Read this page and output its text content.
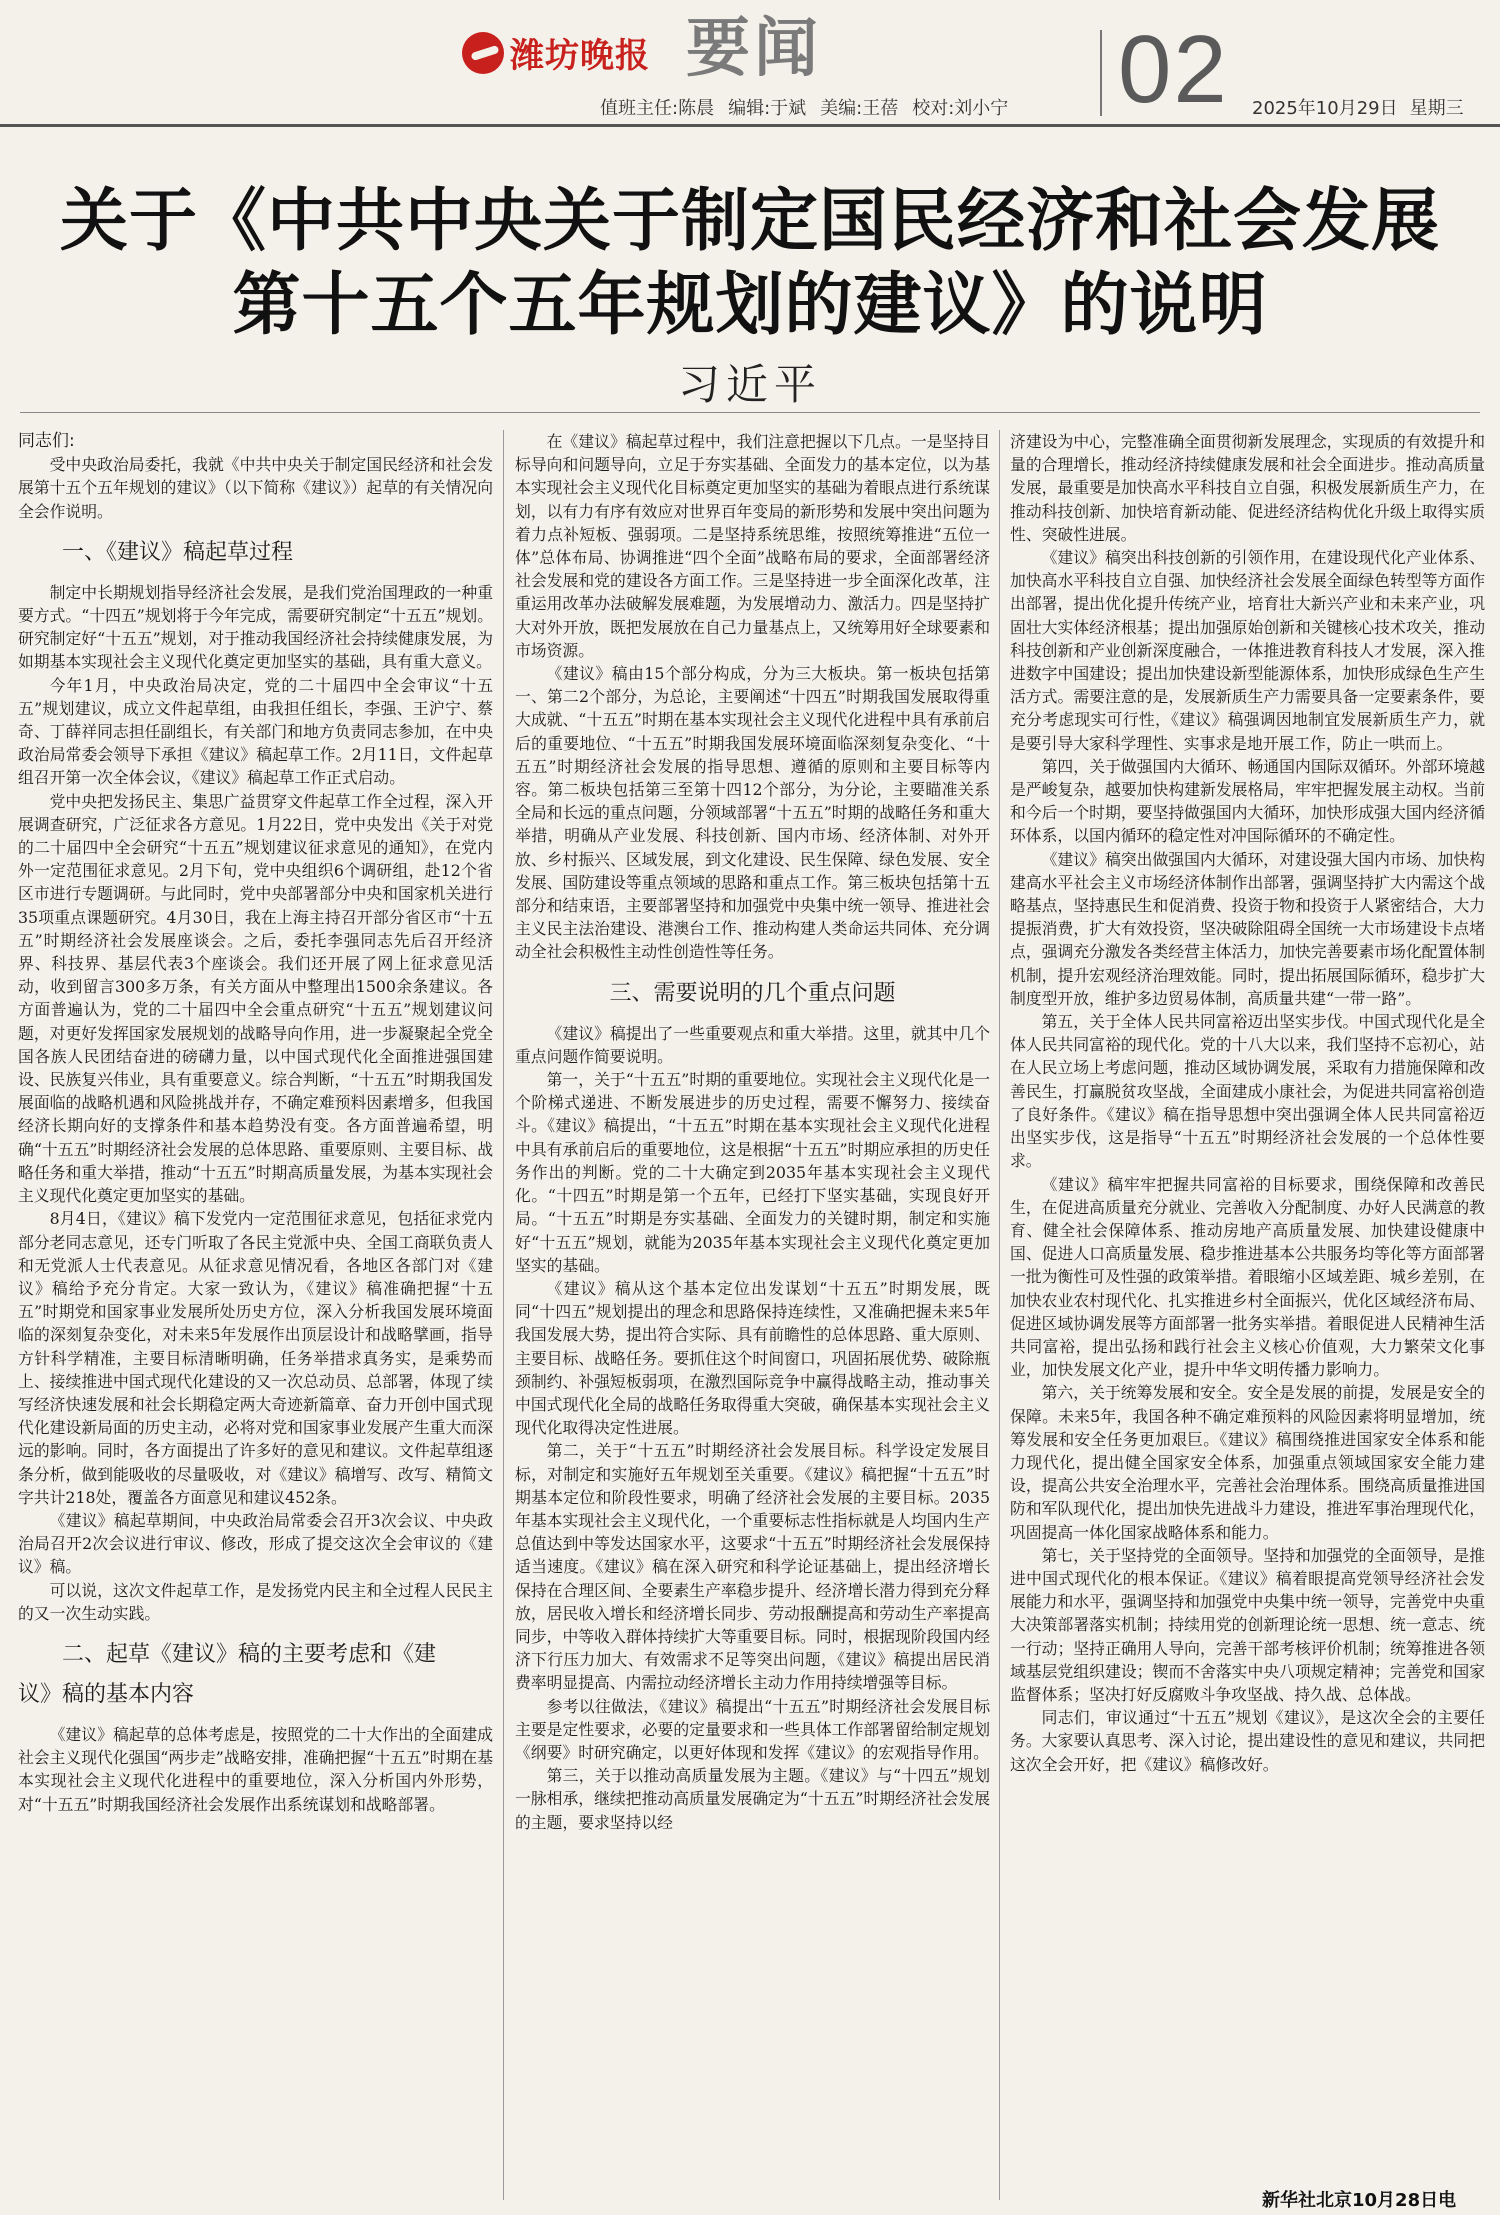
潍坊晚报 要闻	02
值班主任:陈晨 编辑:于斌 美编:王蓓 校对:刘小宁	2025年10月29日 星期三
关于《中共中央关于制定国民经济和社会发展
第十五个五年规划的建议》的说明
习近平

同志们:

受中央政治局委托，我就《中共中央关于制定国民经济和社会发展第十五个五年规划的建议》（以下简称《建议》）起草的有关情况向全会作说明。

一、《建议》稿起草过程

制定中长期规划指导经济社会发展，是我们党治国理政的一种重要方式。“十四五”规划将于今年完成，需要研究制定“十五五”规划。研究制定好“十五五”规划，对于推动我国经济社会持续健康发展，为如期基本实现社会主义现代化奠定更加坚实的基础，具有重大意义。

今年1月，中央政治局决定，党的二十届四中全会审议“十五五”规划建议，成立文件起草组，由我担任组长，李强、王沪宁、蔡奇、丁薛祥同志担任副组长，有关部门和地方负责同志参加，在中央政治局常委会领导下承担《建议》稿起草工作。2月11日，文件起草组召开第一次全体会议，《建议》稿起草工作正式启动。

党中央把发扬民主、集思广益贯穿文件起草工作全过程，深入开展调查研究，广泛征求各方意见。1月22日，党中央发出《关于对党的二十届四中全会研究“十五五”规划建议征求意见的通知》，在党内外一定范围征求意见。2月下旬，党中央组织6个调研组，赴12个省区市进行专题调研。与此同时，党中央部署部分中央和国家机关进行35项重点课题研究。4月30日，我在上海主持召开部分省区市“十五五”时期经济社会发展座谈会。之后，委托李强同志先后召开经济界、科技界、基层代表3个座谈会。我们还开展了网上征求意见活动，收到留言300多万条，有关方面从中整理出1500余条建议。各方面普遍认为，党的二十届四中全会重点研究“十五五”规划建议问题，对更好发挥国家发展规划的战略导向作用，进一步凝聚起全党全国各族人民团结奋进的磅礴力量，以中国式现代化全面推进强国建设、民族复兴伟业，具有重要意义。综合判断，“十五五”时期我国发展面临的战略机遇和风险挑战并存，不确定难预料因素增多，但我国经济长期向好的支撑条件和基本趋势没有变。各方面普遍希望，明确“十五五”时期经济社会发展的总体思路、重要原则、主要目标、战略任务和重大举措，推动“十五五”时期高质量发展，为基本实现社会主义现代化奠定更加坚实的基础。

8月4日，《建议》稿下发党内一定范围征求意见，包括征求党内部分老同志意见，还专门听取了各民主党派中央、全国工商联负责人和无党派人士代表意见。从征求意见情况看，各地区各部门对《建议》稿给予充分肯定。大家一致认为，《建议》稿准确把握“十五五”时期党和国家事业发展所处历史方位，深入分析我国发展环境面临的深刻复杂变化，对未来5年发展作出顶层设计和战略擘画，指导方针科学精准，主要目标清晰明确，任务举措求真务实，是乘势而上、接续推进中国式现代化建设的又一次总动员、总部署，体现了续写经济快速发展和社会长期稳定两大奇迹新篇章、奋力开创中国式现代化建设新局面的历史主动，必将对党和国家事业发展产生重大而深远的影响。同时，各方面提出了许多好的意见和建议。文件起草组逐条分析，做到能吸收的尽量吸收，对《建议》稿增写、改写、精简文字共计218处，覆盖各方面意见和建议452条。

《建议》稿起草期间，中央政治局常委会召开3次会议、中央政治局召开2次会议进行审议、修改，形成了提交这次全会审议的《建议》稿。

可以说，这次文件起草工作，是发扬党内民主和全过程人民民主的又一次生动实践。

二、起草《建议》稿的主要考虑和《建
议》稿的基本内容

《建议》稿起草的总体考虑是，按照党的二十大作出的全面建成社会主义现代化强国“两步走”战略安排，准确把握“十五五”时期在基本实现社会主义现代化进程中的重要地位，深入分析国内外形势，对“十五五”时期我国经济社会发展作出系统谋划和战略部署。

在《建议》稿起草过程中，我们注意把握以下几点。一是坚持目标导向和问题导向，立足于夯实基础、全面发力的基本定位，以为基本实现社会主义现代化目标奠定更加坚实的基础为着眼点进行系统谋划，以有力有序有效应对世界百年变局的新形势和发展中突出问题为着力点补短板、强弱项。二是坚持系统思维，按照统筹推进“五位一体”总体布局、协调推进“四个全面”战略布局的要求，全面部署经济社会发展和党的建设各方面工作。三是坚持进一步全面深化改革，注重运用改革办法破解发展难题，为发展增动力、激活力。四是坚持扩大对外开放，既把发展放在自己力量基点上，又统筹用好全球要素和市场资源。

《建议》稿由15个部分构成，分为三大板块。第一板块包括第一、第二2个部分，为总论，主要阐述“十四五”时期我国发展取得重大成就、“十五五”时期在基本实现社会主义现代化进程中具有承前启后的重要地位、“十五五”时期我国发展环境面临深刻复杂变化、“十五五”时期经济社会发展的指导思想、遵循的原则和主要目标等内容。第二板块包括第三至第十四12个部分，为分论，主要瞄准关系全局和长远的重点问题，分领域部署“十五五”时期的战略任务和重大举措，明确从产业发展、科技创新、国内市场、经济体制、对外开放、乡村振兴、区域发展，到文化建设、民生保障、绿色发展、安全发展、国防建设等重点领域的思路和重点工作。第三板块包括第十五部分和结束语，主要部署坚持和加强党中央集中统一领导、推进社会主义民主法治建设、港澳台工作、推动构建人类命运共同体、充分调动全社会积极性主动性创造性等任务。

三、需要说明的几个重点问题

《建议》稿提出了一些重要观点和重大举措。这里，就其中几个重点问题作简要说明。

第一，关于“十五五”时期的重要地位。实现社会主义现代化是一个阶梯式递进、不断发展进步的历史过程，需要不懈努力、接续奋斗。《建议》稿提出，“十五五”时期在基本实现社会主义现代化进程中具有承前启后的重要地位，这是根据“十五五”时期应承担的历史任务作出的判断。党的二十大确定到2035年基本实现社会主义现代化。“十四五”时期是第一个五年，已经打下坚实基础，实现良好开局。“十五五”时期是夯实基础、全面发力的关键时期，制定和实施好“十五五”规划，就能为2035年基本实现社会主义现代化奠定更加坚实的基础。

《建议》稿从这个基本定位出发谋划“十五五”时期发展，既同“十四五”规划提出的理念和思路保持连续性，又准确把握未来5年我国发展大势，提出符合实际、具有前瞻性的总体思路、重大原则、主要目标、战略任务。要抓住这个时间窗口，巩固拓展优势、破除瓶颈制约、补强短板弱项，在激烈国际竞争中赢得战略主动，推动事关中国式现代化全局的战略任务取得重大突破，确保基本实现社会主义现代化取得决定性进展。

第二，关于“十五五”时期经济社会发展目标。科学设定发展目标，对制定和实施好五年规划至关重要。《建议》稿把握“十五五”时期基本定位和阶段性要求，明确了经济社会发展的主要目标。2035年基本实现社会主义现代化，一个重要标志性指标就是人均国内生产总值达到中等发达国家水平，这要求“十五五”时期经济社会发展保持适当速度。《建议》稿在深入研究和科学论证基础上，提出经济增长保持在合理区间、全要素生产率稳步提升、经济增长潜力得到充分释放，居民收入增长和经济增长同步、劳动报酬提高和劳动生产率提高同步，中等收入群体持续扩大等重要目标。同时，根据现阶段国内经济下行压力加大、有效需求不足等突出问题，《建议》稿提出居民消费率明显提高、内需拉动经济增长主动力作用持续增强等目标。

参考以往做法，《建议》稿提出“十五五”时期经济社会发展目标主要是定性要求，必要的定量要求和一些具体工作部署留给制定规划《纲要》时研究确定，以更好体现和发挥《建议》的宏观指导作用。

第三，关于以推动高质量发展为主题。《建议》与“十四五”规划一脉相承，继续把推动高质量发展确定为“十五五”时期经济社会发展的主题，要求坚持以经

济建设为中心，完整准确全面贯彻新发展理念，实现质的有效提升和量的合理增长，推动经济持续健康发展和社会全面进步。推动高质量发展，最重要是加快高水平科技自立自强，积极发展新质生产力，在推动科技创新、加快培育新动能、促进经济结构优化升级上取得实质性、突破性进展。

《建议》稿突出科技创新的引领作用，在建设现代化产业体系、加快高水平科技自立自强、加快经济社会发展全面绿色转型等方面作出部署，提出优化提升传统产业，培育壮大新兴产业和未来产业，巩固壮大实体经济根基；提出加强原始创新和关键核心技术攻关，推动科技创新和产业创新深度融合，一体推进教育科技人才发展，深入推进数字中国建设；提出加快建设新型能源体系，加快形成绿色生产生活方式。需要注意的是，发展新质生产力需要具备一定要素条件，要充分考虑现实可行性，《建议》稿强调因地制宜发展新质生产力，就是要引导大家科学理性、实事求是地开展工作，防止一哄而上。

第四，关于做强国内大循环、畅通国内国际双循环。外部环境越是严峻复杂，越要加快构建新发展格局，牢牢把握发展主动权。当前和今后一个时期，要坚持做强国内大循环，加快形成强大国内经济循环体系，以国内循环的稳定性对冲国际循环的不确定性。

《建议》稿突出做强国内大循环，对建设强大国内市场、加快构建高水平社会主义市场经济体制作出部署，强调坚持扩大内需这个战略基点，坚持惠民生和促消费、投资于物和投资于人紧密结合，大力提振消费，扩大有效投资，坚决破除阻碍全国统一大市场建设卡点堵点，强调充分激发各类经营主体活力，加快完善要素市场化配置体制机制，提升宏观经济治理效能。同时，提出拓展国际循环，稳步扩大制度型开放，维护多边贸易体制，高质量共建“一带一路”。

第五，关于全体人民共同富裕迈出坚实步伐。中国式现代化是全体人民共同富裕的现代化。党的十八大以来，我们坚持不忘初心，站在人民立场上考虑问题，推动区域协调发展，采取有力措施保障和改善民生，打赢脱贫攻坚战，全面建成小康社会，为促进共同富裕创造了良好条件。《建议》稿在指导思想中突出强调全体人民共同富裕迈出坚实步伐，这是指导“十五五”时期经济社会发展的一个总体性要求。

《建议》稿牢牢把握共同富裕的目标要求，围绕保障和改善民生，在促进高质量充分就业、完善收入分配制度、办好人民满意的教育、健全社会保障体系、推动房地产高质量发展、加快建设健康中国、促进人口高质量发展、稳步推进基本公共服务均等化等方面部署一批为衡性可及性强的政策举措。着眼缩小区域差距、城乡差别，在加快农业农村现代化、扎实推进乡村全面振兴，优化区域经济布局、促进区域协调发展等方面部署一批务实举措。着眼促进人民精神生活共同富裕，提出弘扬和践行社会主义核心价值观，大力繁荣文化事业，加快发展文化产业，提升中华文明传播力影响力。

第六，关于统筹发展和安全。安全是发展的前提，发展是安全的保障。未来5年，我国各种不确定难预料的风险因素将明显增加，统筹发展和安全任务更加艰巨。《建议》稿围绕推进国家安全体系和能力现代化，提出健全国家安全体系，加强重点领域国家安全能力建设，提高公共安全治理水平，完善社会治理体系。围绕高质量推进国防和军队现代化，提出加快先进战斗力建设，推进军事治理现代化，巩固提高一体化国家战略体系和能力。

第七，关于坚持党的全面领导。坚持和加强党的全面领导，是推进中国式现代化的根本保证。《建议》稿着眼提高党领导经济社会发展能力和水平，强调坚持和加强党中央集中统一领导，完善党中央重大决策部署落实机制；持续用党的创新理论统一思想、统一意志、统一行动；坚持正确用人导向，完善干部考核评价机制；统筹推进各领域基层党组织建设；锲而不舍落实中央八项规定精神；完善党和国家监督体系；坚决打好反腐败斗争攻坚战、持久战、总体战。

同志们，审议通过“十五五”规划《建议》，是这次全会的主要任务。大家要认真思考、深入讨论，提出建设性的意见和建议，共同把这次全会开好，把《建议》稿修改好。

新华社北京10月28日电
